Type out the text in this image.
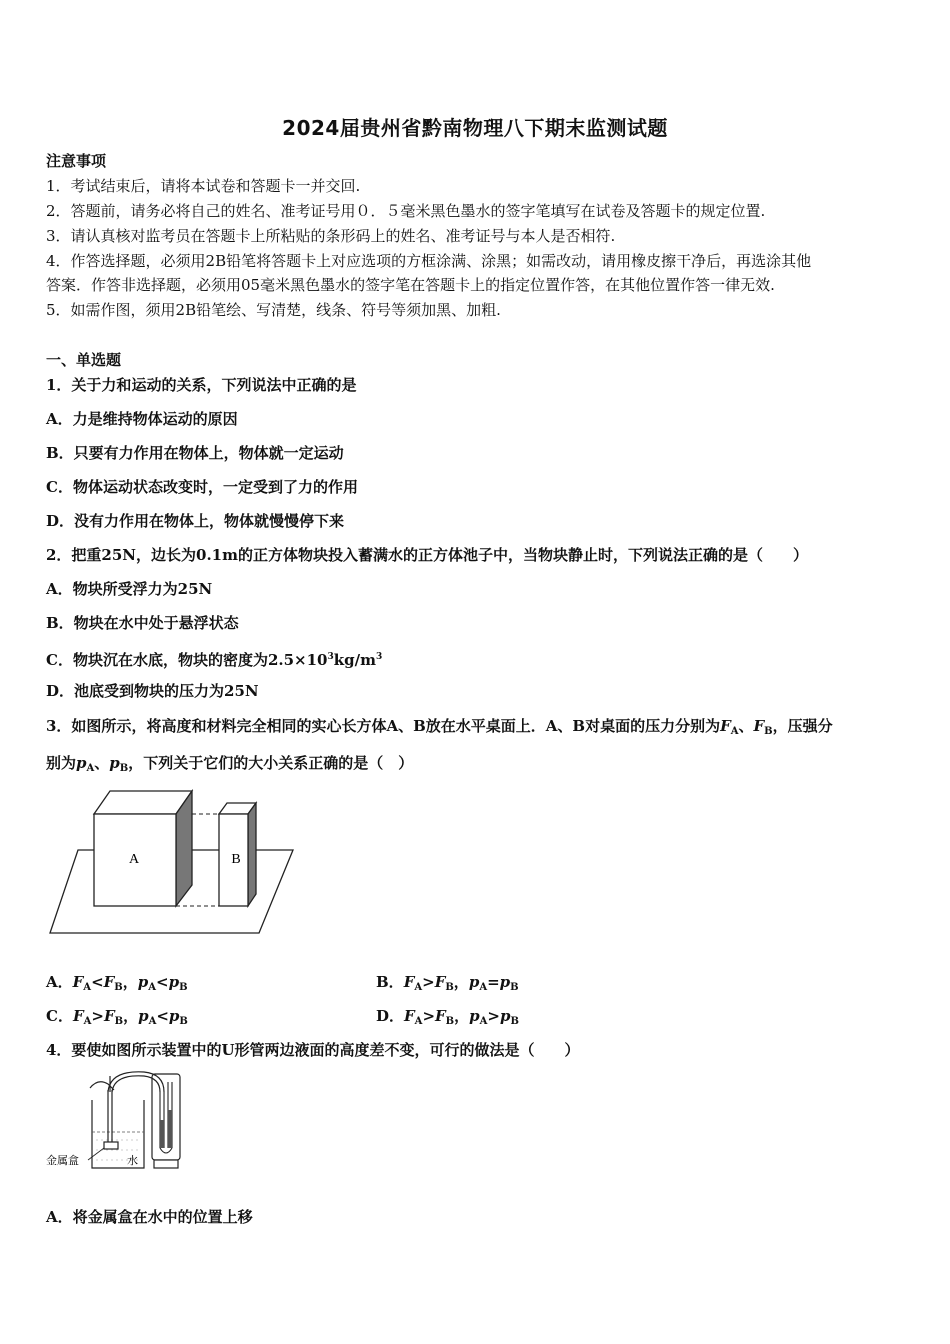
2024届贵州省黔南物理八下期末监测试题
注意事项
1．考试结束后，请将本试卷和答题卡一并交回.
2．答题前，请务必将自己的姓名、准考证号用０．５毫米黑色墨水的签字笔填写在试卷及答题卡的规定位置.
3．请认真核对监考员在答题卡上所粘贴的条形码上的姓名、准考证号与本人是否相符.
4．作答选择题，必须用2B铅笔将答题卡上对应选项的方框涂满、涂黑；如需改动，请用橡皮擦干净后，再选涂其他
答案．作答非选择题，必须用05毫米黑色墨水的签字笔在答题卡上的指定位置作答，在其他位置作答一律无效.
5．如需作图，须用2B铅笔绘、写清楚，线条、符号等须加黑、加粗.
一、单选题
1．关于力和运动的关系，下列说法中正确的是
A．力是维持物体运动的原因
B．只要有力作用在物体上，物体就一定运动
C．物体运动状态改变时，一定受到了力的作用
D．没有力作用在物体上，物体就慢慢停下来
2．把重25N，边长为0.1m的正方体物块投入蓄满水的正方体池子中，当物块静止时，下列说法正确的是（　　）
A．物块所受浮力为25N
B．物块在水中处于悬浮状态
C．物块沉在水底，物块的密度为$2.5\times 10^3kg/m^3$
D．池底受到物块的压力为25N
3．如图所示，将高度和材料完全相同的实心长方体A、B放在水平桌面上．A、B对桌面的压力分别为$F_A$、$F_B$，压强分
别为$p_A$、$p_B$，下列关于它们的大小关系正确的是（　）
A	B
A．$F_A<F_B$，$p_A<p_B$	B．$F_A>F_B$，$p_A=p_B$
C．$F_A>F_B$，$p_A<p_B$	D．$F_A>F_B$，$p_A>p_B$
4．要使如图所示装置中的U形管两边液面的高度差不变，可行的做法是（　　）
金属盒	水
A．将金属盒在水中的位置上移
